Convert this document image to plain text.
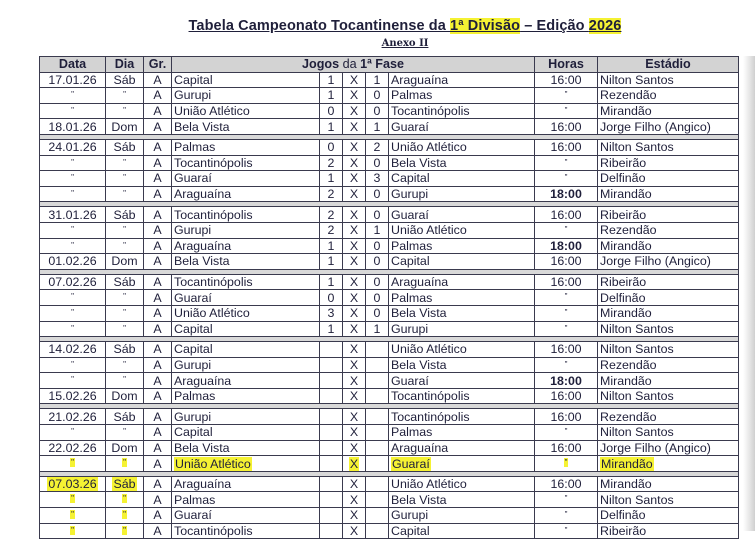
Tabela Campeonato Tocantinense da 1ª Divisão – Edição 2026
Anexo II
Data	Dia	Gr.	Jogos da 1ª Fase					Horas	Estádio
17.01.26	Sáb	A	Capital	1	X	1	Araguaína	16:00	Nilton Santos
"	"	A	Gurupi	1	X	0	Palmas	"	Rezendão
"	"	A	União Atlético	0	X	0	Tocantinópolis	"	Mirandão
18.01.26	Dom	A	Bela Vista	1	X	1	Guaraí	16:00	Jorge Filho (Angico)

24.01.26	Sáb	A	Palmas	0	X	2	União Atlético	16:00	Nilton Santos
"	"	A	Tocantinópolis	2	X	0	Bela Vista	"	Ribeirão
"	"	A	Guaraí	1	X	3	Capital	"	Delfinão
"	"	A	Araguaína	2	X	0	Gurupi	18:00	Mirandão

31.01.26	Sáb	A	Tocantinópolis	2	X	0	Guaraí	16:00	Ribeirão
"	"	A	Gurupi	2	X	1	União Atlético	"	Rezendão
"	"	A	Araguaína	1	X	0	Palmas	18:00	Mirandão
01.02.26	Dom	A	Bela Vista	1	X	0	Capital	16:00	Jorge Filho (Angico)

07.02.26	Sáb	A	Tocantinópolis	1	X	0	Araguaína	16:00	Ribeirão
"	"	A	Guaraí	0	X	0	Palmas	"	Delfinão
"	"	A	União Atlético	3	X	0	Bela Vista	"	Mirandão
"	"	A	Capital	1	X	1	Gurupi	"	Nilton Santos

14.02.26	Sáb	A	Capital		X		União Atlético	16:00	Nilton Santos
"	"	A	Gurupi		X		Bela Vista	"	Rezendão
"	"	A	Araguaína		X		Guaraí	18:00	Mirandão
15.02.26	Dom	A	Palmas		X		Tocantinópolis	16:00	Nilton Santos

21.02.26	Sáb	A	Gurupi		X		Tocantinópolis	16:00	Rezendão
"	"	A	Capital		X		Palmas	"	Nilton Santos
22.02.26	Dom	A	Bela Vista		X		Araguaína	16:00	Jorge Filho (Angico)
"	"	A	União Atlético		X		Guaraí	"	Mirandão

07.03.26	Sáb	A	Araguaína		X		União Atlético	16:00	Mirandão
"	"	A	Palmas		X		Bela Vista	"	Nilton Santos
"	"	A	Guaraí		X		Gurupi	"	Delfinão
"	"	A	Tocantinópolis		X		Capital	"	Ribeirão
